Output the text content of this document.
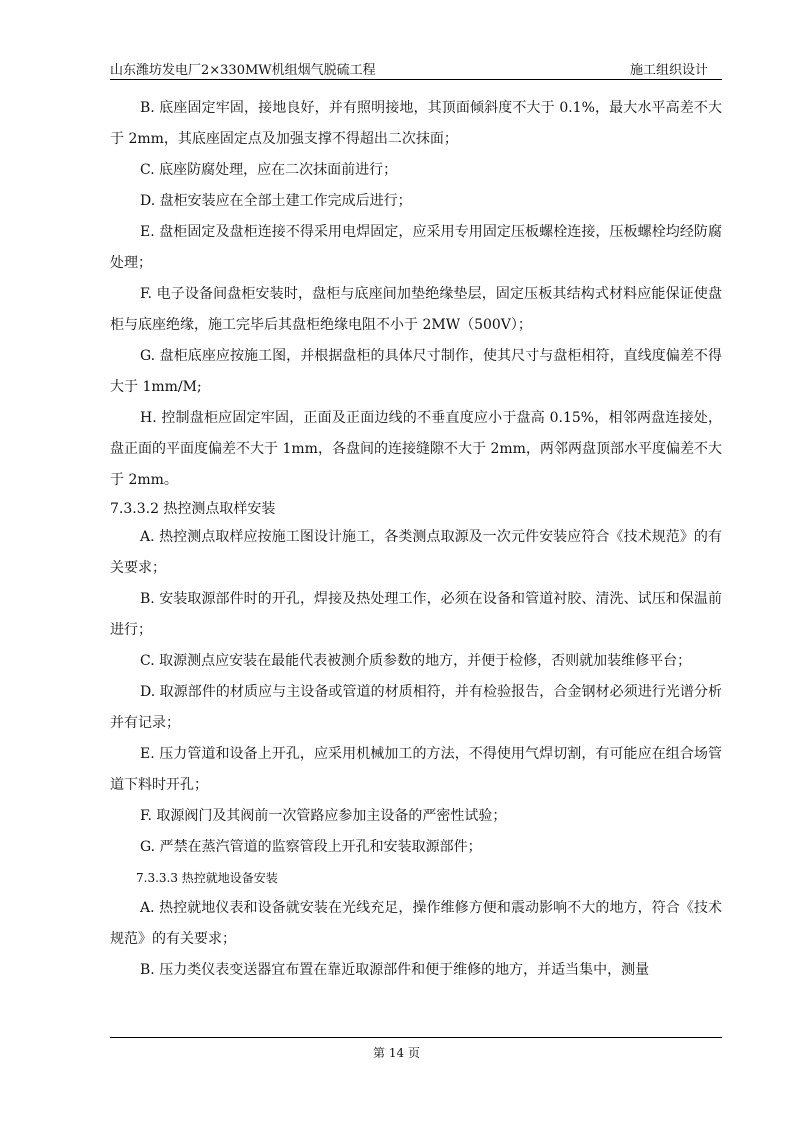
山东潍坊发电厂2×330MW机组烟气脱硫工程	施工组织设计

B. 底座固定牢固，接地良好，并有照明接地，其顶面倾斜度不大于 0.1%，最大水平高差不大于 2mm，其底座固定点及加强支撑不得超出二次抹面；

C. 底座防腐处理，应在二次抹面前进行；

D. 盘柜安装应在全部土建工作完成后进行；

E. 盘柜固定及盘柜连接不得采用电焊固定，应采用专用固定压板螺栓连接，压板螺栓均经防腐处理；

F. 电子设备间盘柜安装时，盘柜与底座间加垫绝缘垫层，固定压板其结构式材料应能保证使盘柜与底座绝缘，施工完毕后其盘柜绝缘电阻不小于 2MW（500V）；

G. 盘柜底座应按施工图，并根据盘柜的具体尺寸制作，使其尺寸与盘柜相符，直线度偏差不得大于 1mm/M;

H. 控制盘柜应固定牢固，正面及正面边线的不垂直度应小于盘高 0.15%，相邻两盘连接处，盘正面的平面度偏差不大于 1mm，各盘间的连接缝隙不大于 2mm，两邻两盘顶部水平度偏差不大于 2mm。

7.3.3.2 热控测点取样安装

A. 热控测点取样应按施工图设计施工，各类测点取源及一次元件安装应符合《技术规范》的有关要求；

B. 安装取源部件时的开孔，焊接及热处理工作，必须在设备和管道衬胶、清洗、试压和保温前进行；

C. 取源测点应安装在最能代表被测介质参数的地方，并便于检修，否则就加装维修平台；

D. 取源部件的材质应与主设备或管道的材质相符，并有检验报告，合金钢材必须进行光谱分析并有记录；

E. 压力管道和设备上开孔，应采用机械加工的方法，不得使用气焊切割，有可能应在组合场管道下料时开孔；

F. 取源阀门及其阀前一次管路应参加主设备的严密性试验；

G. 严禁在蒸汽管道的监察管段上开孔和安装取源部件；

7.3.3.3 热控就地设备安装

A. 热控就地仪表和设备就安装在光线充足，操作维修方便和震动影响不大的地方，符合《技术规范》的有关要求；

B. 压力类仪表变送器宜布置在靠近取源部件和便于维修的地方，并适当集中，测量

第 14 页
